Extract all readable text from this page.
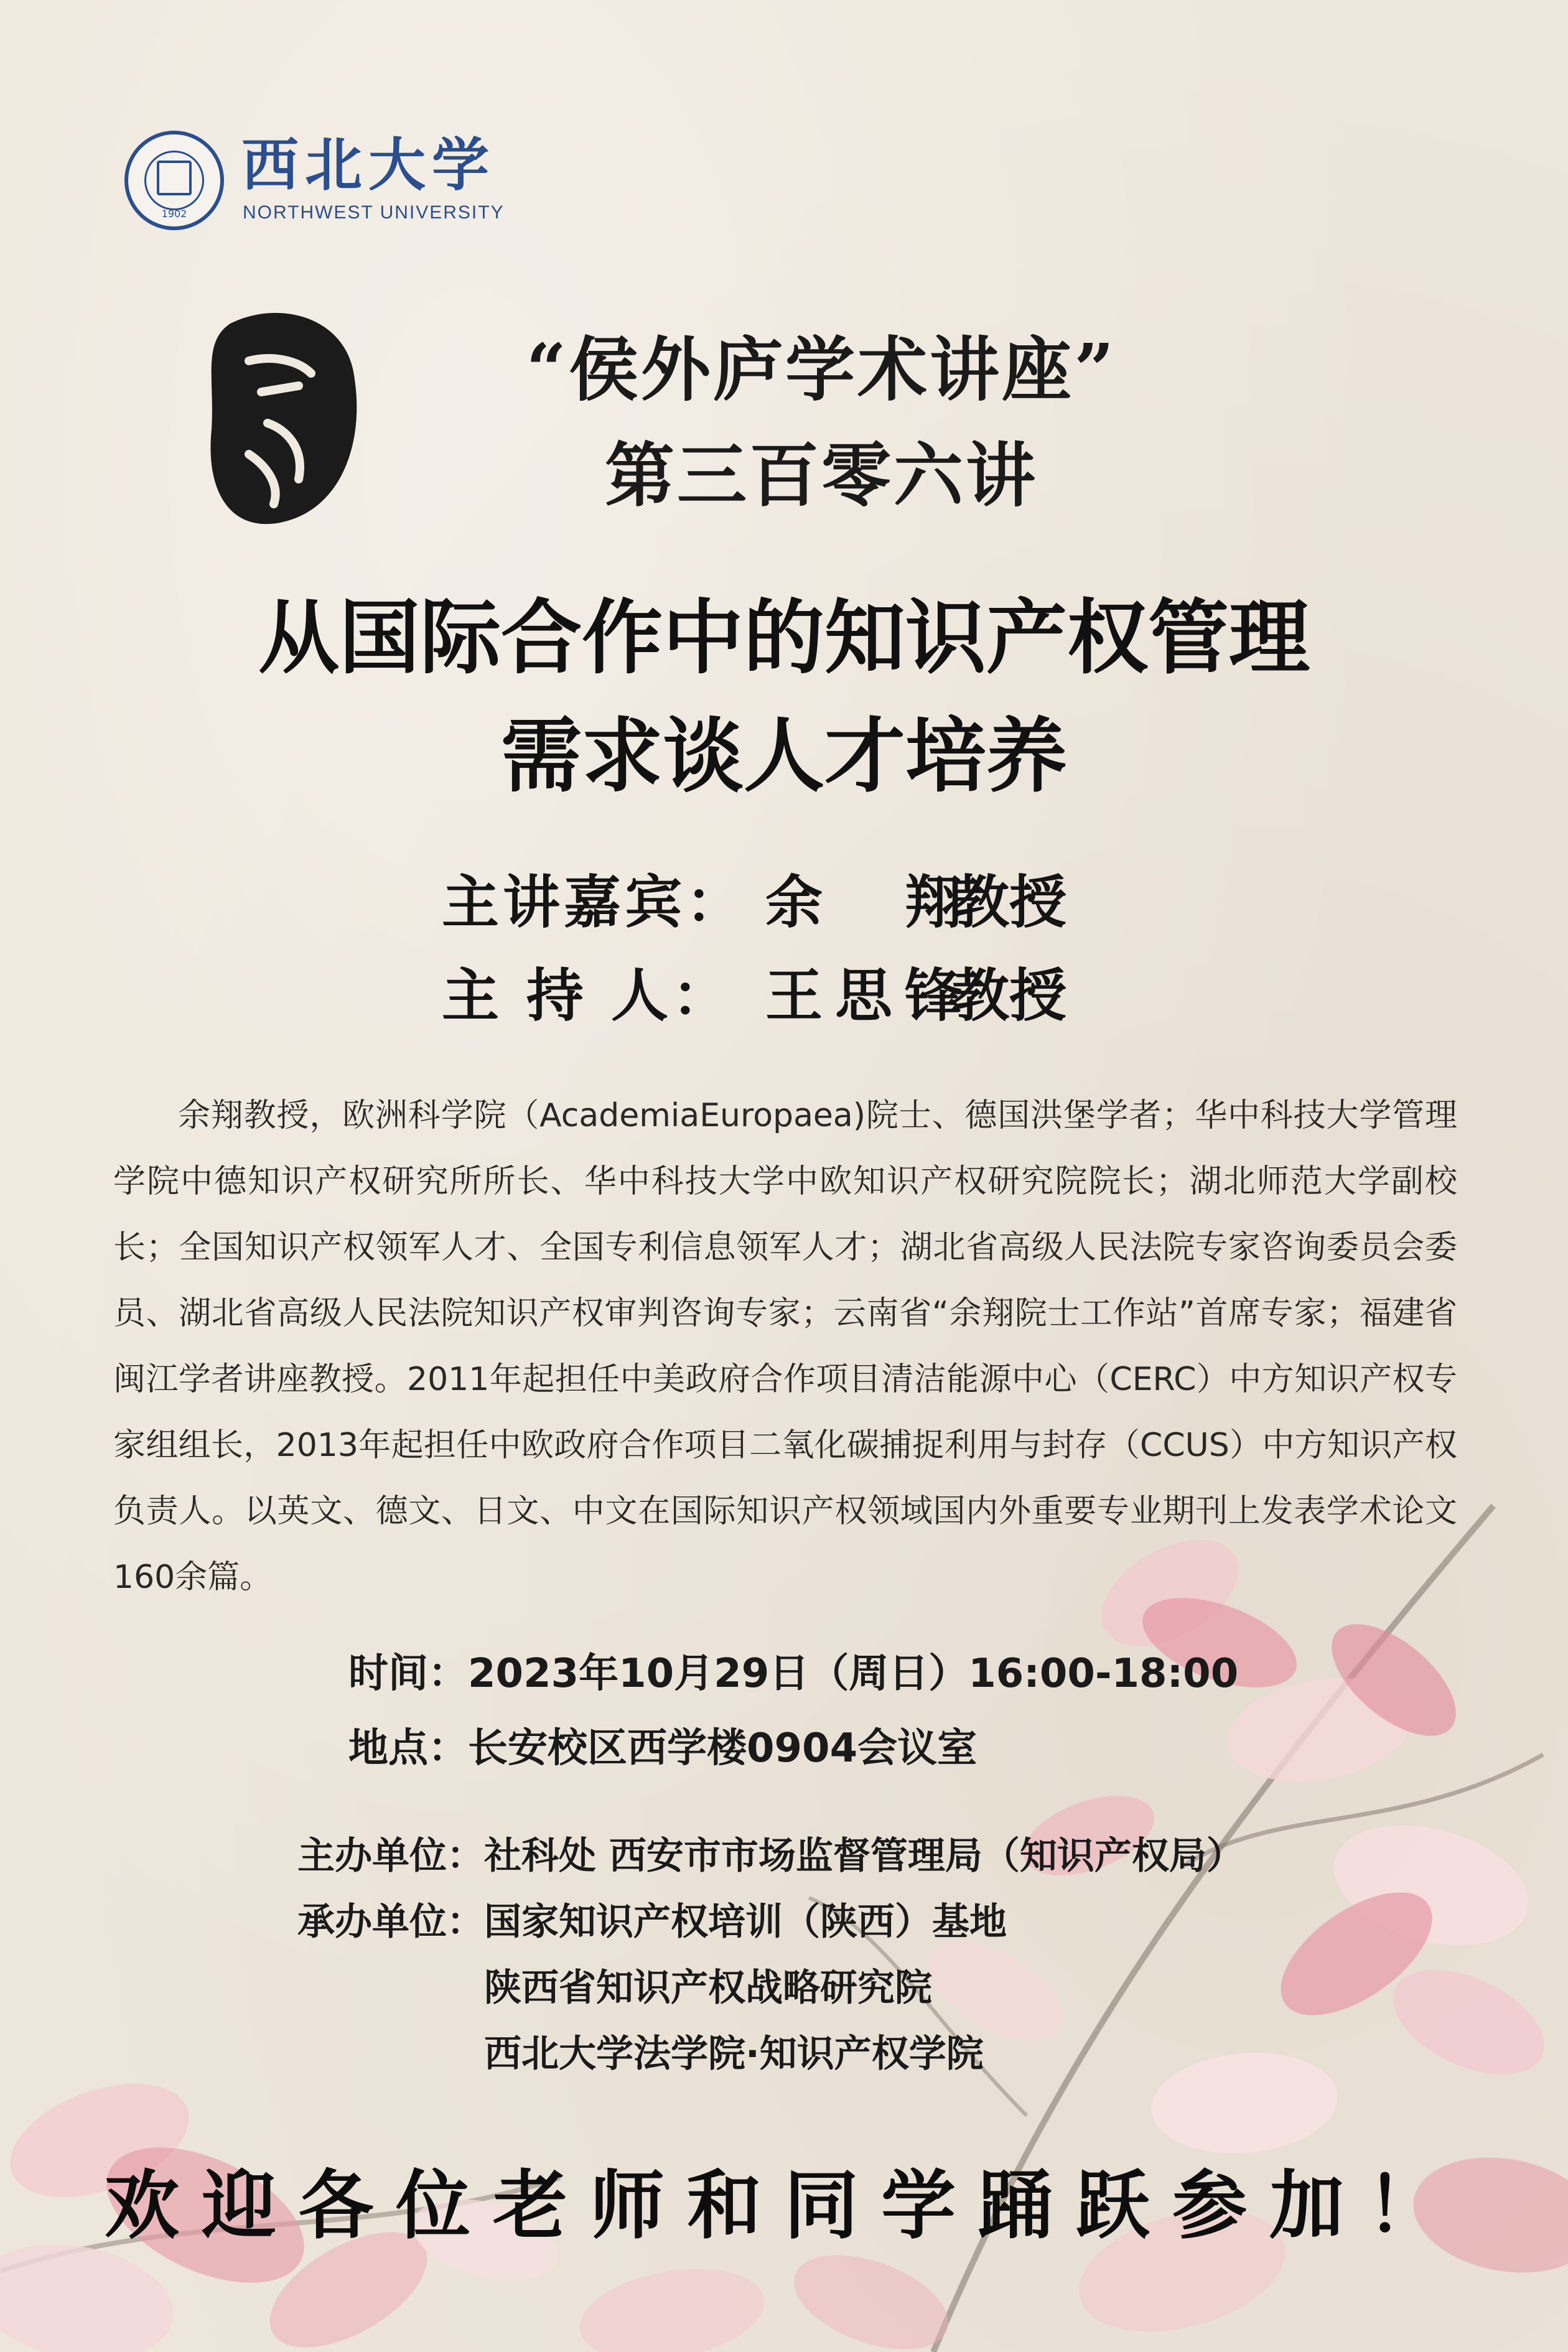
1902
西北大学
NORTHWEST UNIVERSITY
“侯外庐学术讲座”
第三百零六讲
从国际合作中的知识产权管理
需求谈人才培养
主讲嘉宾： 余　翔教授
主 持 人： 王思锋教授
余翔教授，欧洲科学院（AcademiaEuropaea)院士、德国洪堡学者；华中科技大学管理学院中德知识产权研究所所长、华中科技大学中欧知识产权研究院院长；湖北师范大学副校长；全国知识产权领军人才、全国专利信息领军人才；湖北省高级人民法院专家咨询委员会委员、湖北省高级人民法院知识产权审判咨询专家；云南省“余翔院士工作站”首席专家；福建省闽江学者讲座教授。2011年起担任中美政府合作项目清洁能源中心（CERC）中方知识产权专家组组长，2013年起担任中欧政府合作项目二氧化碳捕捉利用与封存（CCUS）中方知识产权负责人。以英文、德文、日文、中文在国际知识产权领域国内外重要专业期刊上发表学术论文160余篇。
时间：2023年10月29日（周日）16:00-18:00
地点：长安校区西学楼0904会议室
主办单位：社科处 西安市市场监督管理局（知识产权局）
承办单位：国家知识产权培训（陕西）基地
陕西省知识产权战略研究院
西北大学法学院·知识产权学院
欢迎各位老师和同学踊跃参加！
